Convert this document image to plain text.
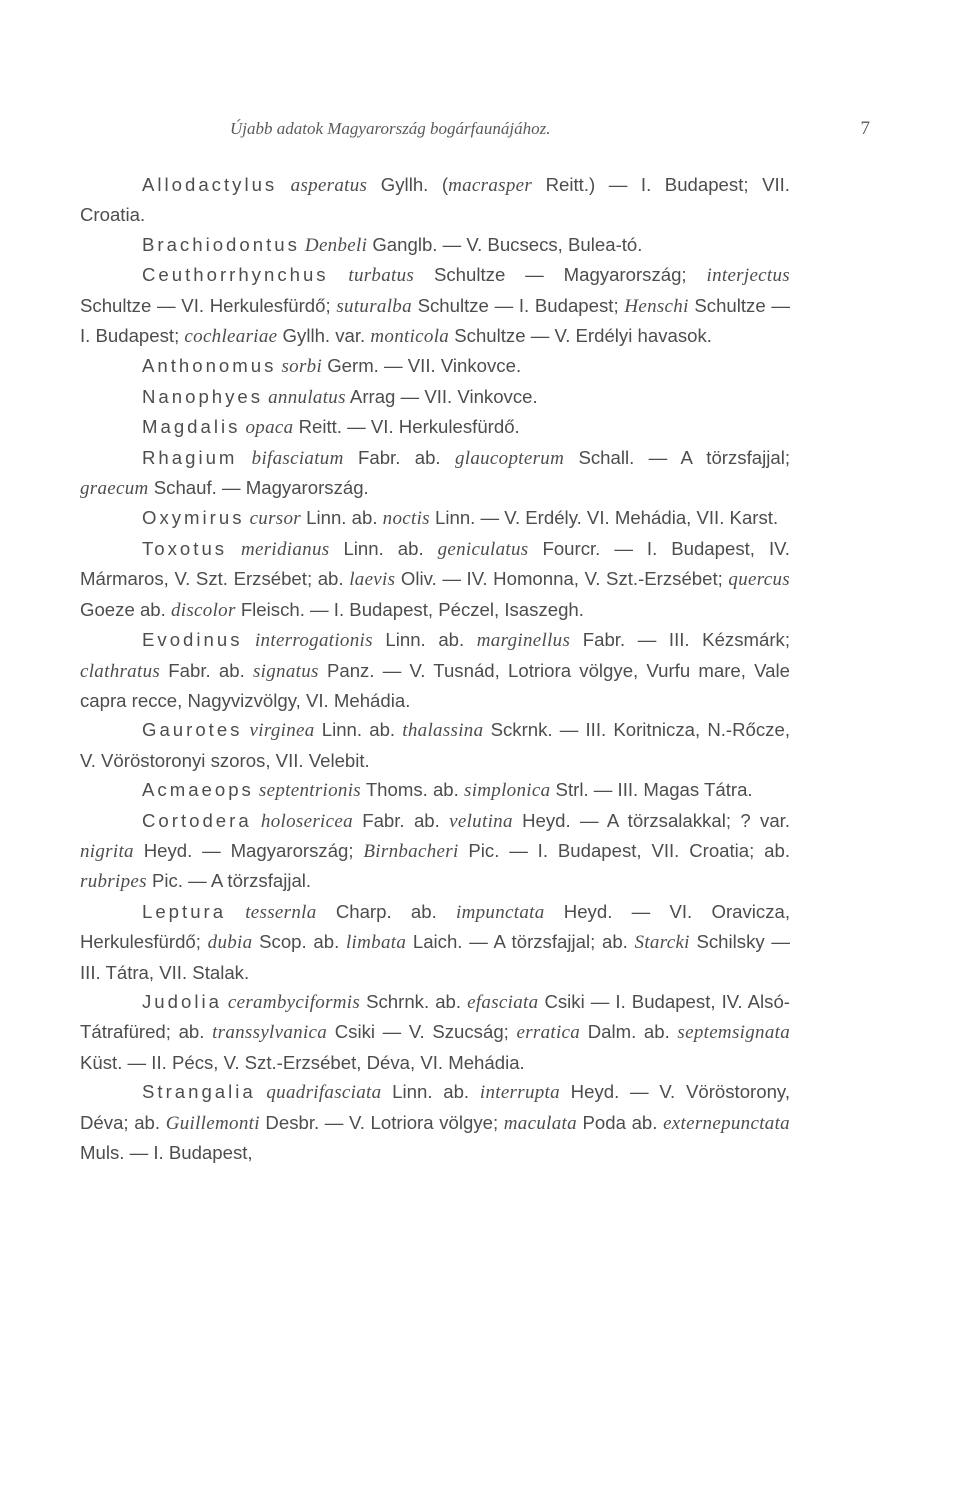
Újabb adatok Magyarország bogárfaunájához.	7

Allodactylus asperatus Gyllh. (macrasper Reitt.) — I. Budapest; VII. Croatia.

Brachiodontus Denbeli Ganglb. — V. Bucsecs, Bulea-tó.

Ceuthorrhynchus turbatus Schultze — Magyarország; interjectus Schultze — VI. Herkulesfürdő; suturalba Schultze — I. Budapest; Henschi Schultze — I. Budapest; cochleariae Gyllh. var. monticola Schultze — V. Erdélyi havasok.

Anthonomus sorbi Germ. — VII. Vinkovce.

Nanophyes annulatus Arrag — VII. Vinkovce.

Magdalis opaca Reitt. — VI. Herkulesfürdő.

Rhagium bifasciatum Fabr. ab. glaucopterum Schall. — A törzsfajjal; graecum Schauf. — Magyarország.

Oxymirus cursor Linn. ab. noctis Linn. — V. Erdély. VI. Mehádia, VII. Karst.

Toxotus meridianus Linn. ab. geniculatus Fourcr. — I. Budapest, IV. Mármaros, V. Szt. Erzsébet; ab. laevis Oliv. — IV. Homonna, V. Szt.-Erzsébet; quercus Goeze ab. discolor Fleisch. — I. Budapest, Péczel, Isaszegh.

Evodinus interrogationis Linn. ab. marginellus Fabr. — III. Kézsmárk; clathratus Fabr. ab. signatus Panz. — V. Tusnád, Lotriora völgye, Vurfu mare, Vale capra recce, Nagyvizvölgy, VI. Mehádia.

Gaurotes virginea Linn. ab. thalassina Sckrnk. — III. Koritnicza, N.-Rőcze, V. Vöröstoronyi szoros, VII. Velebit.

Acmaeops septentrionis Thoms. ab. simplonica Strl. — III. Magas Tátra.

Cortodera holosericea Fabr. ab. velutina Heyd. — A törzsalakkal; ? var. nigrita Heyd. — Magyarország; Birnbacheri Pic. — I. Budapest, VII. Croatia; ab. rubripes Pic. — A törzsfajjal.

Leptura tessernla Charp. ab. impunctata Heyd. — VI. Oravicza, Herkulesfürdő; dubia Scop. ab. limbata Laich. — A törzsfajjal; ab. Starcki Schilsky — III. Tátra, VII. Stalak.

Judolia cerambyciformis Schrnk. ab. efasciata Csiki — I. Budapest, IV. Alsó-Tátrafüred; ab. transsylvanica Csiki — V. Szucság; erratica Dalm. ab. septemsignata Küst. — II. Pécs, V. Szt.-Erzsébet, Déva, VI. Mehádia.

Strangalia quadrifasciata Linn. ab. interrupta Heyd. — V. Vöröstorony, Déva; ab. Guillemonti Desbr. — V. Lotriora völgye; maculata Poda ab. externepunctata Muls. — I. Budapest,
